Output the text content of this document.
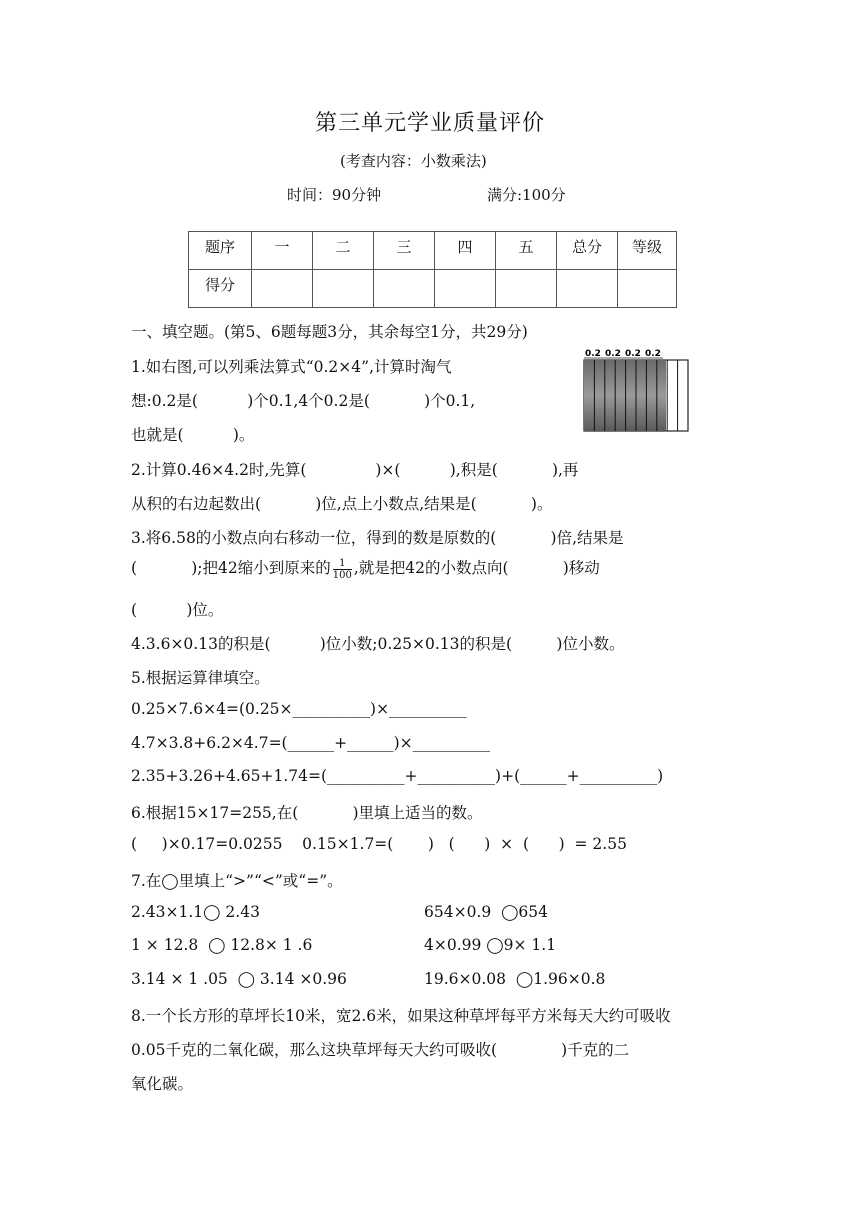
第三单元学业质量评价
(考查内容：小数乘法)
时间：90分钟	满分:100分
题序	一	二	三	四	五	总分	等级
得分							
一、填空题。(第5、6题每题3分，其余每空1分，共29分)
1.如右图,可以列乘法算式“0.2×4”,计算时淘气
想:0.2是(          )个0.1,4个0.2是(           )个0.1,
也就是(          )。
0.2 0.2 0.2 0.2
2.计算0.46×4.2时,先算(              )×(          ),积是(           ),再
从积的右边起数出(           )位,点上小数点,结果是(           )。
3.将6.58的小数点向右移动一位，得到的数是原数的(           )倍,结果是
(           );把42缩小到原来的 $\frac{1}{100}$ ,就是把42的小数点向(           )移动
(          )位。
4.3.6×0.13的积是(          )位小数;0.25×0.13的积是(         )位小数。
5.根据运算律填空。
0.25×7.6×4=(0.25×__________)×__________
4.7×3.8+6.2×4.7=(______+______)×__________
2.35+3.26+4.65+1.74=(__________+__________)+(______+__________)
6.根据15×17=255,在(           )里填上适当的数。
(     )×0.17=0.0255    0.15×1.7=(       )   (      )  ×  (      )  = 2.55
7.在◯里填上“>”“<”或“=”。
2.43×1.1◯ 2.43	654×0.9  ◯654
1 × 12.8  ◯ 12.8× 1 .6	4×0.99 ◯9× 1.1
3.14 × 1 .05  ◯ 3.14 ×0.96	19.6×0.08  ◯1.96×0.8
8.一个长方形的草坪长10米，宽2.6米，如果这种草坪每平方米每天大约可吸收
0.05千克的二氧化碳，那么这块草坪每天大约可吸收(             )千克的二
氧化碳。
